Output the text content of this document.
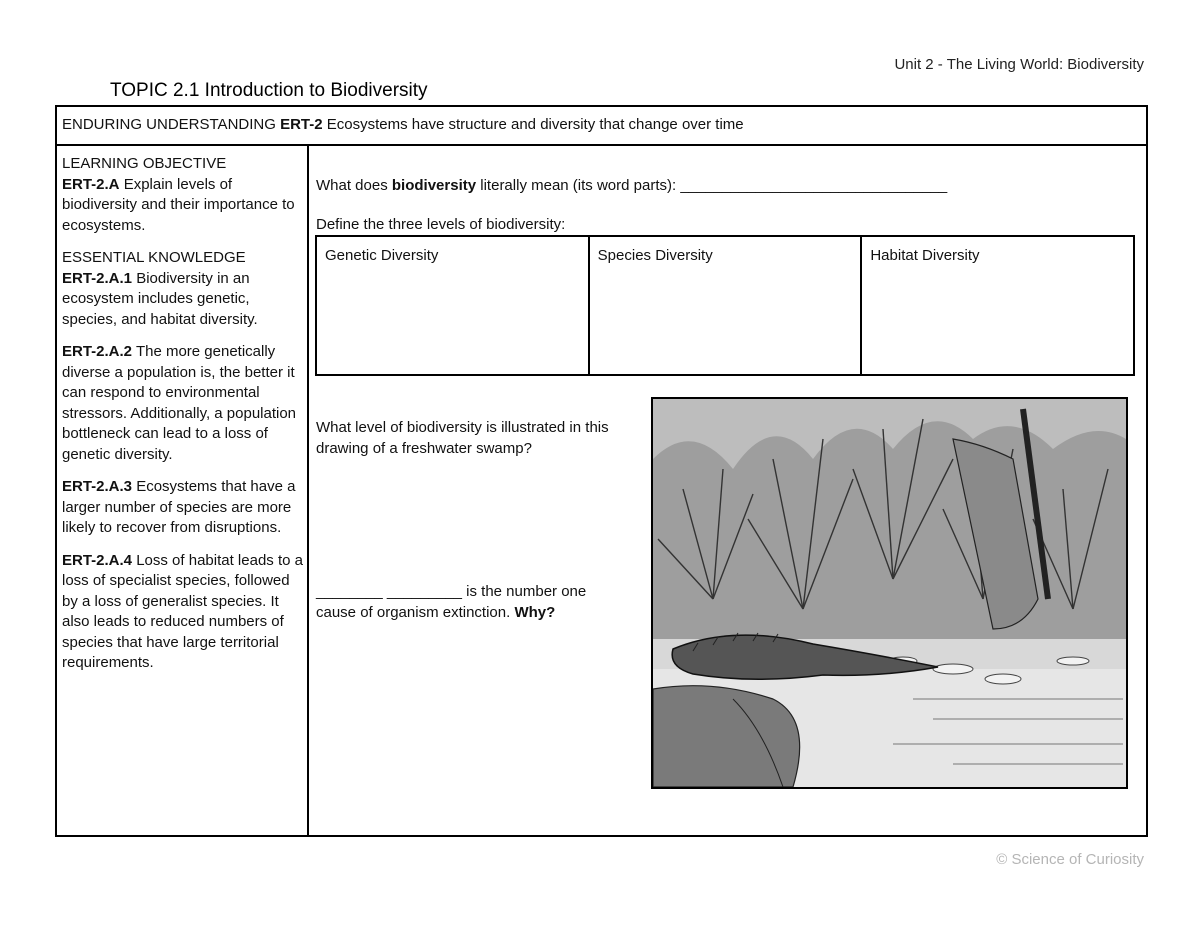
Unit 2 - The Living World: Biodiversity
TOPIC 2.1 Introduction to Biodiversity
ENDURING UNDERSTANDING ERT-2 Ecosystems have structure and diversity that change over time

LEARNING OBJECTIVE
ERT-2.A Explain levels of biodiversity and their importance to ecosystems.

ESSENTIAL KNOWLEDGE
ERT-2.A.1 Biodiversity in an ecosystem includes genetic, species, and habitat diversity.

ERT-2.A.2 The more genetically diverse a population is, the better it can respond to environmental stressors. Additionally, a population bottleneck can lead to a loss of genetic diversity.

ERT-2.A.3 Ecosystems that have a larger number of species are more likely to recover from disruptions.

ERT-2.A.4 Loss of habitat leads to a loss of specialist species, followed by a loss of generalist species. It also leads to reduced numbers of species that have large territorial requirements.

What does biodiversity literally mean (its word parts): ________________________________
Define the three levels of biodiversity:
Genetic Diversity	Species Diversity	Habitat Diversity
What level of biodiversity is illustrated in this drawing of a freshwater swamp?
________ _________ is the number one cause of organism extinction. Why?
© Science of Curiosity
